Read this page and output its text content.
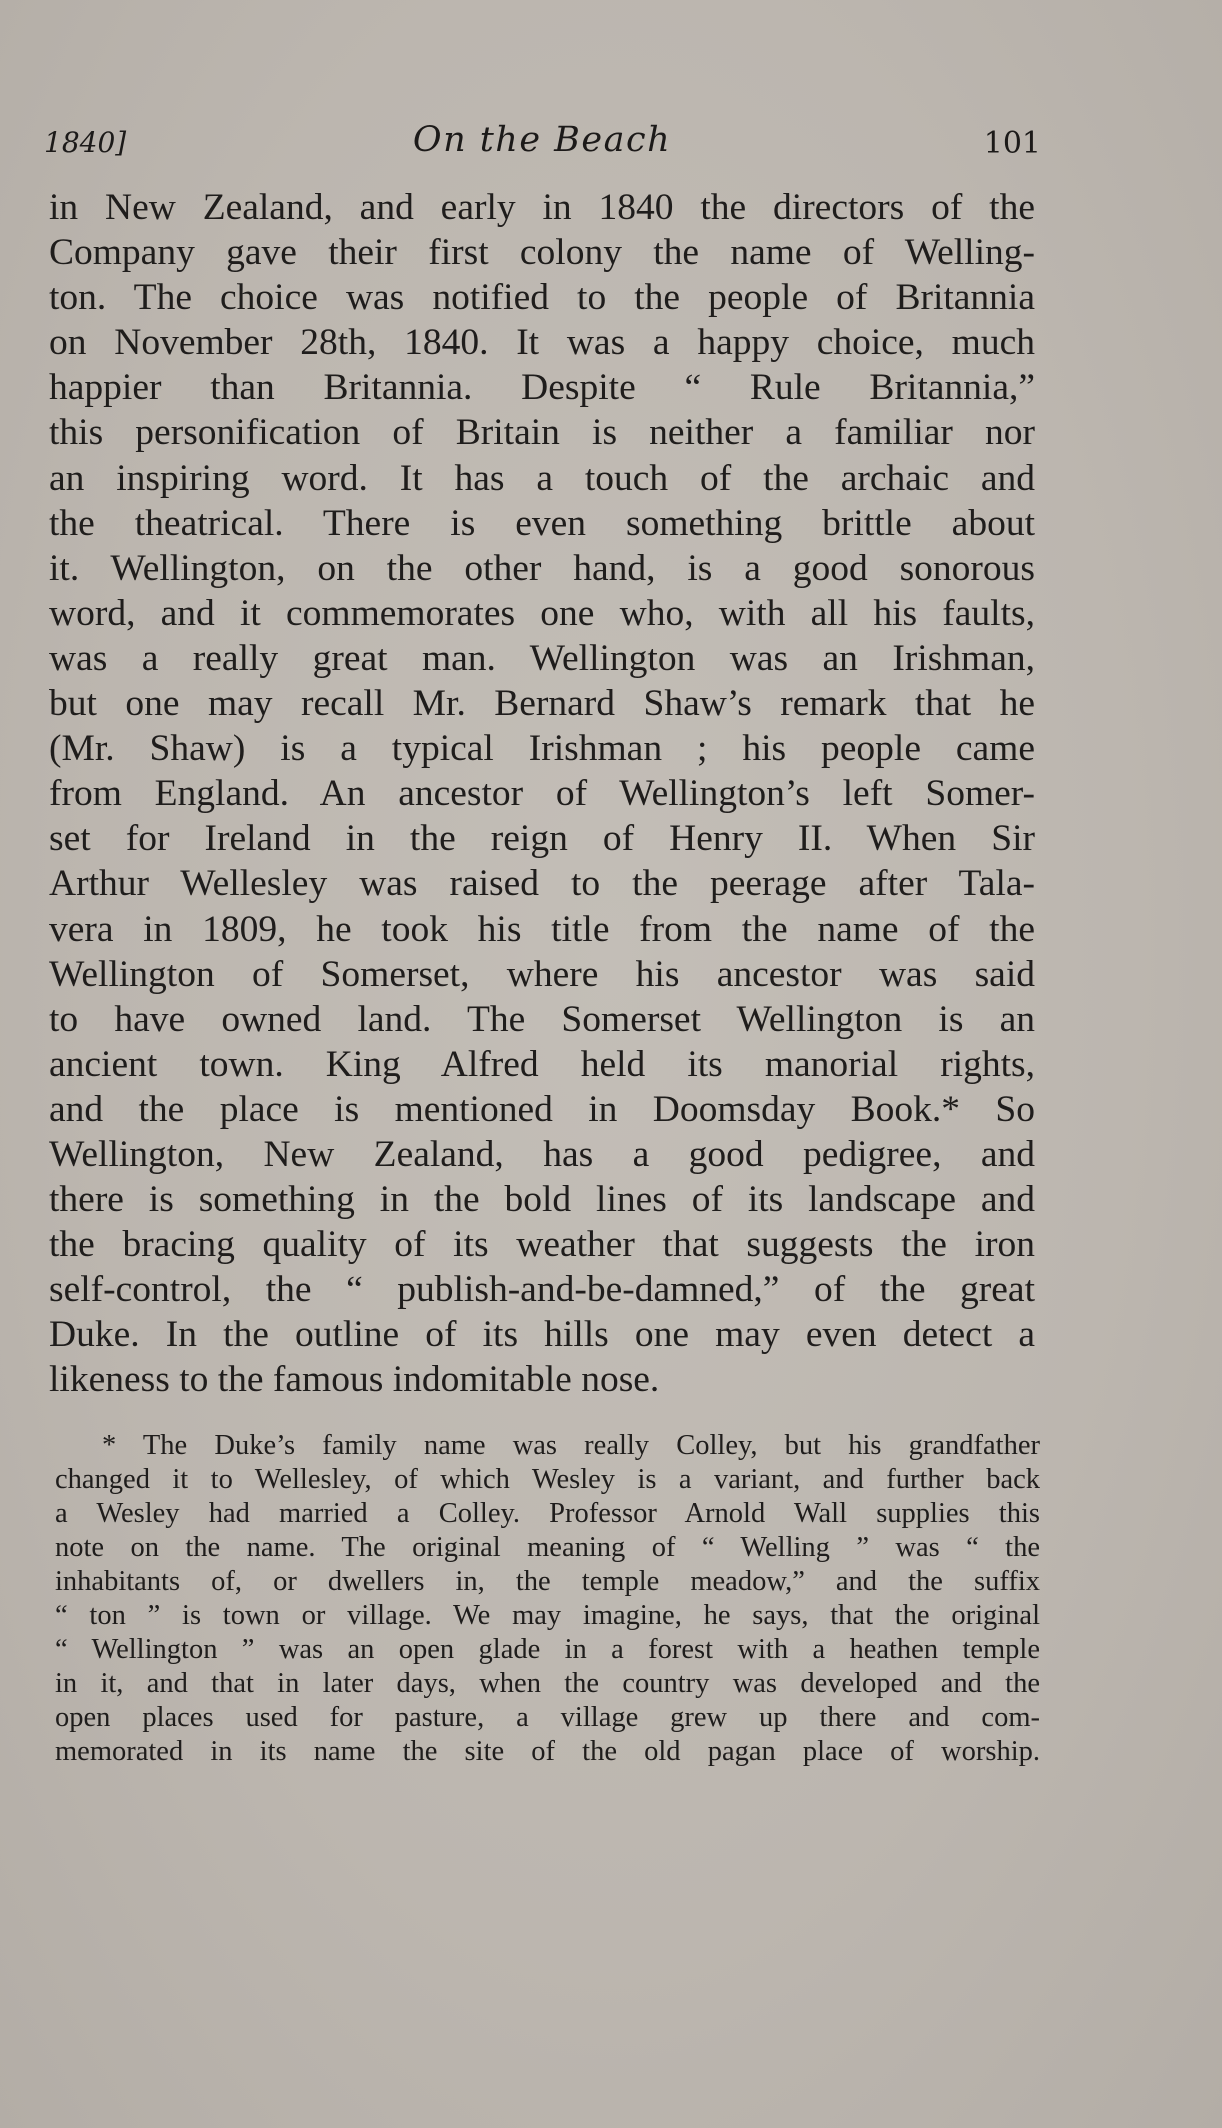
1840]	On the Beach	101
in New Zealand, and early in 1840 the directors of the
Company gave their first colony the name of Welling-
ton. The choice was notified to the people of Britannia
on November 28th, 1840. It was a happy choice, much
happier than Britannia. Despite “ Rule Britannia,”
this personification of Britain is neither a familiar nor
an inspiring word. It has a touch of the archaic and
the theatrical. There is even something brittle about
it. Wellington, on the other hand, is a good sonorous
word, and it commemorates one who, with all his faults,
was a really great man. Wellington was an Irishman,
but one may recall Mr. Bernard Shaw’s remark that he
(Mr. Shaw) is a typical Irishman ; his people came
from England. An ancestor of Wellington’s left Somer-
set for Ireland in the reign of Henry II. When Sir
Arthur Wellesley was raised to the peerage after Tala-
vera in 1809, he took his title from the name of the
Wellington of Somerset, where his ancestor was said
to have owned land. The Somerset Wellington is an
ancient town. King Alfred held its manorial rights,
and the place is mentioned in Doomsday Book.* So
Wellington, New Zealand, has a good pedigree, and
there is something in the bold lines of its landscape and
the bracing quality of its weather that suggests the iron
self-control, the “ publish-and-be-damned,” of the great
Duke. In the outline of its hills one may even detect a
likeness to the famous indomitable nose.
* The Duke’s family name was really Colley, but his grandfather
changed it to Wellesley, of which Wesley is a variant, and further back
a Wesley had married a Colley. Professor Arnold Wall supplies this
note on the name. The original meaning of “ Welling ” was “ the
inhabitants of, or dwellers in, the temple meadow,” and the suffix
“ ton ” is town or village. We may imagine, he says, that the original
“ Wellington ” was an open glade in a forest with a heathen temple
in it, and that in later days, when the country was developed and the
open places used for pasture, a village grew up there and com-
memorated in its name the site of the old pagan place of worship.
